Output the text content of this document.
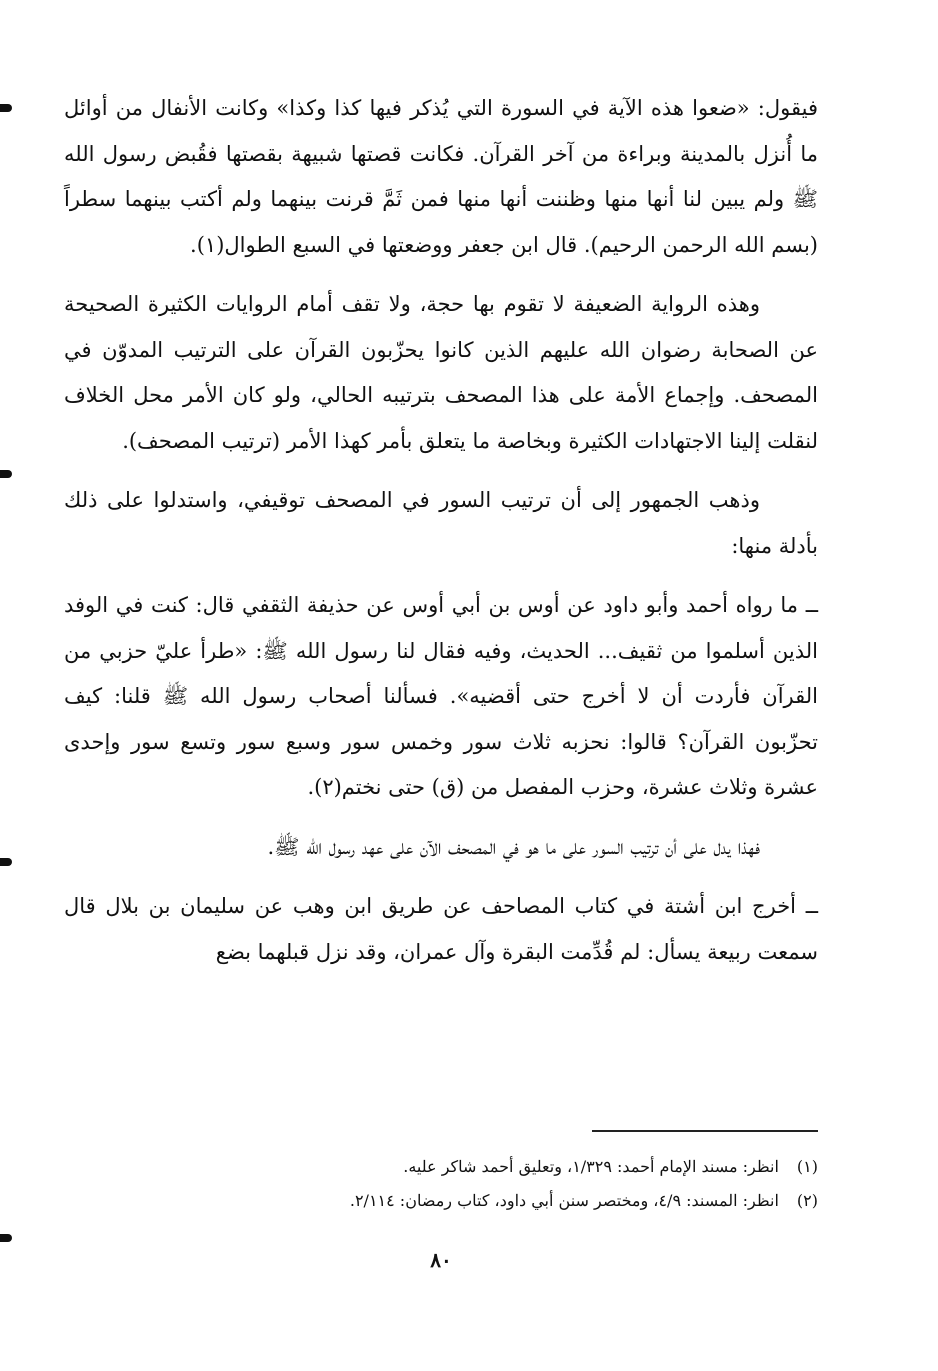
فيقول: «ضعوا هذه الآية في السورة التي يُذكر فيها كذا وكذا» وكانت الأنفال من أوائل ما أُنزل بالمدينة وبراءة من آخر القرآن. فكانت قصتها شبيهة بقصتها فقُبض رسول الله ﷺ ولم يبين لنا أنها منها وظننت أنها منها فمن ثَمَّ قرنت بينهما ولم أكتب بينهما سطراً (بسم الله الرحمن الرحيم). قال ابن جعفر ووضعتها في السبع الطوال(١).

وهذه الرواية الضعيفة لا تقوم بها حجة، ولا تقف أمام الروايات الكثيرة الصحيحة عن الصحابة رضوان الله عليهم الذين كانوا يحزّبون القرآن على الترتيب المدوّن في المصحف. وإجماع الأمة على هذا المصحف بترتيبه الحالي، ولو كان الأمر محل الخلاف لنقلت إلينا الاجتهادات الكثيرة وبخاصة ما يتعلق بأمر كهذا الأمر (ترتيب المصحف).

وذهب الجمهور إلى أن ترتيب السور في المصحف توقيفي، واستدلوا على ذلك بأدلة منها:

ــ ما رواه أحمد وأبو داود عن أوس بن أبي أوس عن حذيفة الثقفي قال: كنت في الوفد الذين أسلموا من ثقيف... الحديث، وفيه فقال لنا رسول الله ﷺ: «طرأ عليّ حزبي من القرآن فأردت أن لا أخرج حتى أقضيه». فسألنا أصحاب رسول الله ﷺ قلنا: كيف تحزّبون القرآن؟ قالوا: نحزبه ثلاث سور وخمس سور وسبع سور وتسع سور وإحدى عشرة وثلاث عشرة، وحزب المفصل من (ق) حتى نختم(٢).

فهذا يدل على أن ترتيب السور على ما هو في المصحف الآن على عهد رسول الله ﷺ.

ــ أخرج ابن أشتة في كتاب المصاحف عن طريق ابن وهب عن سليمان بن بلال قال سمعت ربيعة يسأل: لم قُدِّمت البقرة وآل عمران، وقد نزل قبلهما بضع

(١) انظر: مسند الإمام أحمد: ١/٣٢٩، وتعليق أحمد شاكر عليه.

(٢) انظر: المسند: ٤/٩، ومختصر سنن أبي داود، كتاب رمضان: ٢/١١٤.

٨٠
